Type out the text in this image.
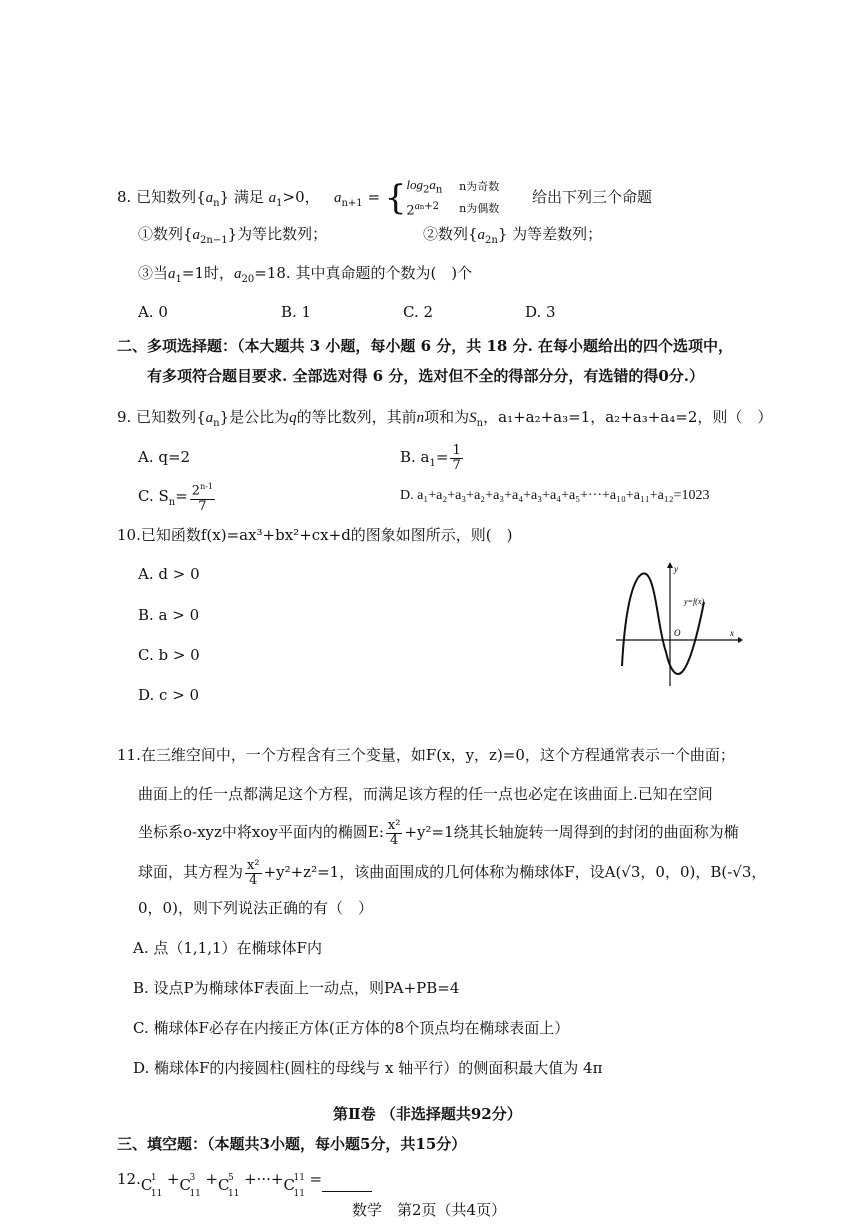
8. 已知数列$\{a_n\}$ 满足 $a_1>0$， $a_{n+1}$ = { $\log_2a_n$
$2^{an+2}$

n为奇数
n为偶数
给出下列三个命题
①数列$\{a_{2n-1}\}$为等比数列；	②数列$\{a_{2n}\}$ 为等差数列；
③当$a_1=1$时，$a_{20}=18$. 其中真命题的个数为(　)个
A. 0	B. 1	C. 2	D. 3
二、多项选择题：（本大题共 3 小题，每小题 6 分，共 18 分. 在每小题给出的四个选项中，
有多项符合题目要求. 全部选对得 6 分，选对但不全的得部分分，有选错的得0分.）
9. 已知数列$\{a_n\}$是公比为q的等比数列，其前n项和为$S_n$，a₁+a₂+a₃=1，a₂+a₃+a₄=2，则（　）
A. q=2	B. $a_1= \frac{1}{7}$
C. $S_n= \frac{2^{n-1}}{7}$	D. a₁+a₂+a₃+a₂+a₃+a₄+a₃+a₄+a₅+···+a₁₀+a₁₁+a₁₂=1023
10.已知函数f(x)=ax³+bx²+cx+d的图象如图所示，则(　)
A. d > 0
B. a > 0
C. b > 0
D. c > 0
y
x
O
y=f(x)
11.在三维空间中，一个方程含有三个变量，如F(x，y，z)=0，这个方程通常表示一个曲面；
曲面上的任一点都满足这个方程，而满足该方程的任一点也必定在该曲面上.已知在空间
坐标系o-xyz中将xoy平面内的椭圆E: $\frac{\text{x²}}{4} +y^2=1$绕其长轴旋转一周得到的封闭的曲面称为椭
球面，其方程为 $\frac{\text{x²}}{4} +y^2+z^2=1$，该曲面围成的几何体称为椭球体F，设A(√3，0，0)，B(-√3，
0，0)，则下列说法正确的有（　）
A. 点（1,1,1）在椭球体F内
B. 设点P为椭球体F表面上一动点，则PA+PB=4
C. 椭球体F必存在内接正方体(正方体的8个顶点均在椭球表面上）
D. 椭球体F的内接圆柱(圆柱的母线与 x 轴平行）的侧面积最大值为 4π
第Ⅱ卷 （非选择题共92分）
三、填空题：（本题共3小题，每小题5分，共15分）
12. C
1
11
+ C
3
11
+ C
5
11
+···+ C
11
11
=
数学　第2页（共4页）
